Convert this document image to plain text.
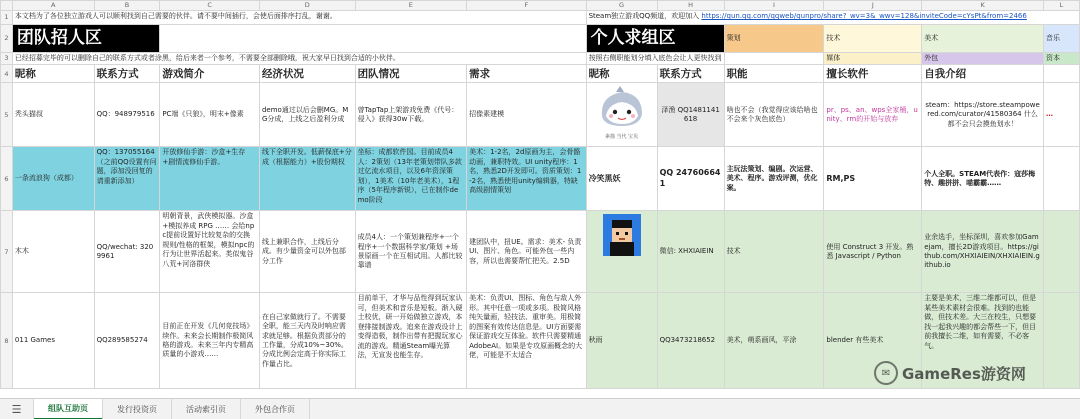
	A	B	C	D	E	F	G	H	I	J	K	L
1	本文档为了各位独立游戏人可以顺利找到自己需要的伙伴。请不要中间插行，会使后面排序打乱，谢谢。						Steam独立游戏QQ频道，欢迎加入 https://qun.qq.com/qqweb/qunpro/share?_wv=3&_wwv=128&inviteCode=cYsPt&from=2466					
2	团队招人区						个人求组区		策划	技术	美术	音乐
3	已经招募完毕的可以删除自己的联系方式或者涂黑，给后来者一个参考，不需要全部删除哦，祝大家早日找到合适的小伙伴。						按照右侧职能划分填入底色会让人更快找到			媒体	外包	资本
4	昵称	联系方式	游戏简介	经济状况	团队情况	需求	昵称	联系方式	职能	擅长软件	自我介绍	
5	秃头猫叔	QQ：948979516	PC端《只狼》，明末+像素	demo通过以后会删MG。MG分成，上线之后盈利分成	曾TapTap上架游戏免费《代号：侵入》获得30w下载。	招像素建模	素描 当代 宝贝	泽渔 QQ1481141618	啥也不会（我觉得应该给啥也不会来个灰色底色）	pr、ps、an、wps全家桶，unity、rm的开始与放弃	steam：https://store.steampowered.com/curator/41580364 什么都不会只会摸鱼划水！	…
6	一条流浪狗（成都）	QQ：137055164（之前QQ设置有问题，添加没回复的请重新添加）	开放修仙手游：沙盒+生存+剧情流修仙手游。	线下全职开发。低薪保底+分成（根据能力）+股份期权	坐标：成都软件园。目前成员4人：2策划（13年老策划带队多款过亿流水项目，以及6年资深策划），1美术（10年老美术），1程序（5年程序新锐），已在制作demo阶段	美术：1-2名，2d原画为主，会骨骼动画，兼职特效。UI unity程序：1名，熟悉2D开发即可。资质策划：1-2名，熟悉使用unity编辑器，特缺高级剧情策划	冷笑黑妖	QQ 247606641	主玩法策划、编剧。次运营、美术、程序。游戏评测，优化案。	RM,PS	个人全职。STEAM代表作：寇莎梅特、趣拼拼、喵霸霸……	
7	木木	QQ/wechat: 3209961	明朝背景，武侠模拟器。沙盒+模拟养成 RPG …… 会给npc提前设置好比较复杂的交换规则/性格的框架，模拟npc的行为让世界活起来。类似鬼谷八荒+河洛群侠	线上兼职合作，上线后分成。有少量资金可以外包部分工作	成员4人：一个策划兼程序+一个程序+一个数据科学家/策划 +场景原画一个在互相试用。人都比较靠谱	建团队中，扭UE。需求：美术- 负责UI、图片、角色。可能外包一些内容，所以也需要帮忙把关。2.5D		微信: XHXIAIEIN	技术	使用 Construct 3 开发。熟悉 Javascript / Python	业余选手，坐标深圳，喜欢参加Gamejam，擅长2D游戏项目。https://github.com/XHXIAIEIN/XHXIAIEIN.github.io	
8	011 Games	QQ289585274	目前正在开发《几何竞技场》续作。未来会长期制作极简风格的游戏。未来三年内专精高质量的小游戏……	在自己家做就行了。不需要全职，能三天内及时响应需求就足够。根据负责部分的工作量，分成10%~30%。分成比例会定高于你实际工作量占比。	目前单干，才华与品性得到玩家认可，但美术和音乐是短板。渐入硬土校优，研一开始做独立游戏，本登排接制游戏。追来在游戏设计上变得造极，制作出带有把握玩家心流的游戏。精通Steam曝光算法，无宣发也能生存。	美术：负责UI、图标、角色与敌人外形。其中任意一项或多项。极简风格纯矢量画，轻技法、重审美。用极简的图案有效传达信息是。UI方面要需保证游戏交互体验。软件只需要精通AdobeAI。如果是专攻原画概念的大佬，可能是不太适合	秋雨	QQ3473218652	美术，萌系画风，平涂	blender 有些美术	主要是美术，三维二维都可以，但是某些美术素材会很难。找到的也能做，但技术差。大三在校生，只想要找一起我兴趣的都会帮些一下，但目前我擅长二维，如有需要，不必客气。	
✉ GameRes游资网
☰	组队互助页	发行投资页	活动索引页	外包合作页
